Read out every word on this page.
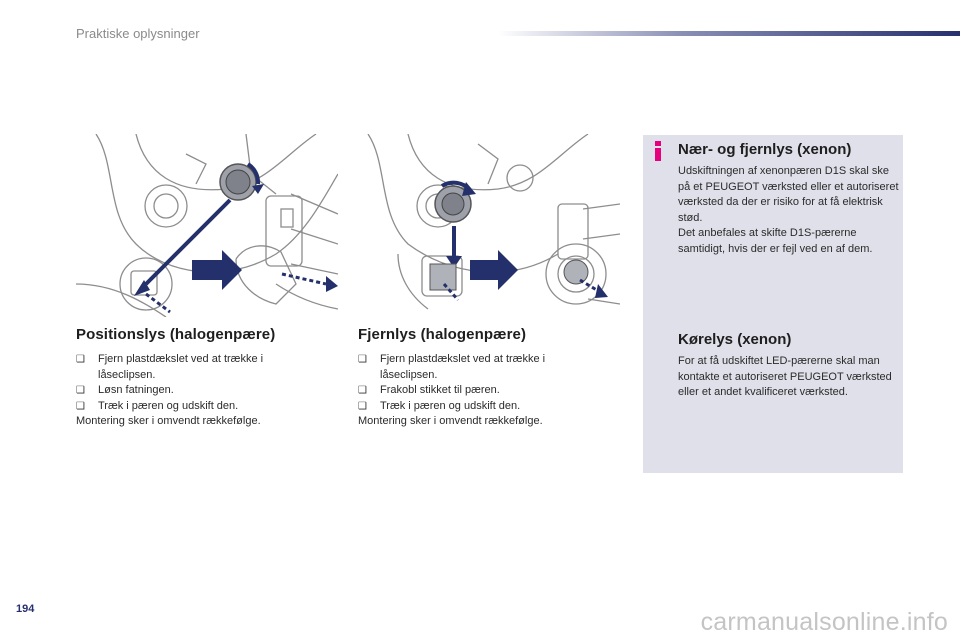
Praktiske oplysninger
Positionslys (halogenpære)
❑ Fjern plastdækslet ved at trække i låseclipsen.
❑ Løsn fatningen.
❑ Træk i pæren og udskift den.

Montering sker i omvendt rækkefølge.

Fjernlys (halogenpære)
❑ Fjern plastdækslet ved at trække i låseclipsen.
❑ Frakobl stikket til pæren.
❑ Træk i pæren og udskift den.

Montering sker i omvendt rækkefølge.

Nær- og fjernlys (xenon)
Udskiftningen af xenonpæren D1S skal ske på et PEUGEOT værksted eller et autoriseret værksted da der er risiko for at få elektrisk stød.
Det anbefales at skifte D1S-pærerne samtidigt, hvis der er fejl ved en af dem.
Kørelys (xenon)
For at få udskiftet LED-pærerne skal man kontakte et autoriseret PEUGEOT værksted eller et andet kvalificeret værksted.
194	carmanualsonline.info
